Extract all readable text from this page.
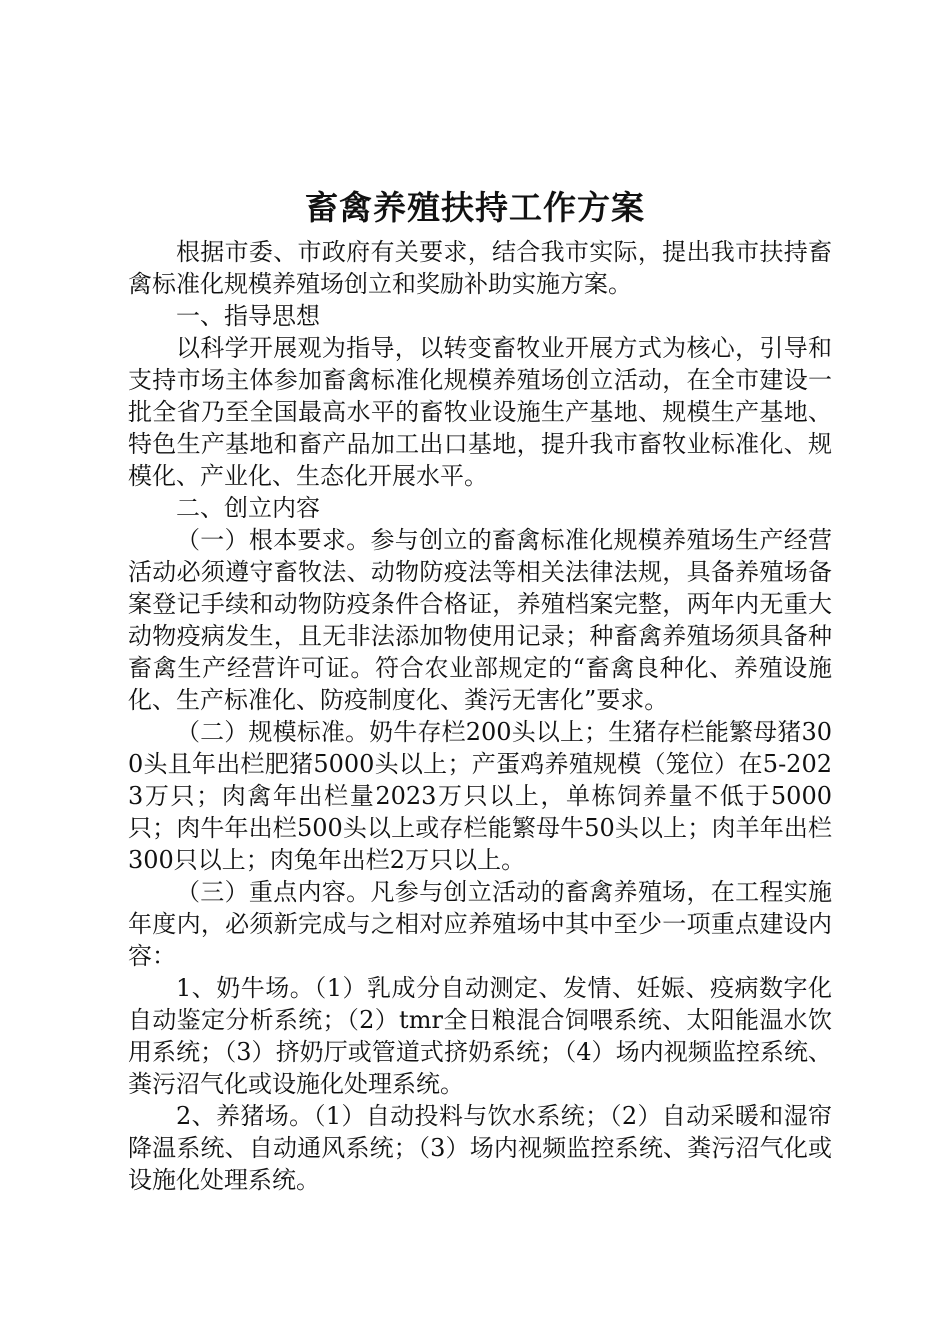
畜禽养殖扶持工作方案

根据市委、市政府有关要求，结合我市实际，提出我市扶持畜禽标准化规模养殖场创立和奖励补助实施方案。

一、指导思想

以科学开展观为指导，以转变畜牧业开展方式为核心，引导和支持市场主体参加畜禽标准化规模养殖场创立活动，在全市建设一批全省乃至全国最高水平的畜牧业设施生产基地、规模生产基地、特色生产基地和畜产品加工出口基地，提升我市畜牧业标准化、规模化、产业化、生态化开展水平。

二、创立内容

（一）根本要求。参与创立的畜禽标准化规模养殖场生产经营活动必须遵守畜牧法、动物防疫法等相关法律法规，具备养殖场备案登记手续和动物防疫条件合格证，养殖档案完整，两年内无重大动物疫病发生，且无非法添加物使用记录；种畜禽养殖场须具备种畜禽生产经营许可证。符合农业部规定的“畜禽良种化、养殖设施化、生产标准化、防疫制度化、粪污无害化”要求。

（二）规模标准。奶牛存栏200头以上；生猪存栏能繁母猪300头且年出栏肥猪5000头以上；产蛋鸡养殖规模（笼位）在5-2023万只；肉禽年出栏量2023万只以上，单栋饲养量不低于5000只；肉牛年出栏500头以上或存栏能繁母牛50头以上；肉羊年出栏300只以上；肉兔年出栏2万只以上。

（三）重点内容。凡参与创立活动的畜禽养殖场，在工程实施年度内，必须新完成与之相对应养殖场中其中至少一项重点建设内容：

1、奶牛场。（1）乳成分自动测定、发情、妊娠、疫病数字化自动鉴定分析系统；（2）tmr全日粮混合饲喂系统、太阳能温水饮用系统；（3）挤奶厅或管道式挤奶系统；（4）场内视频监控系统、粪污沼气化或设施化处理系统。

2、养猪场。（1）自动投料与饮水系统；（2）自动采暖和湿帘降温系统、自动通风系统；（3）场内视频监控系统、粪污沼气化或设施化处理系统。
